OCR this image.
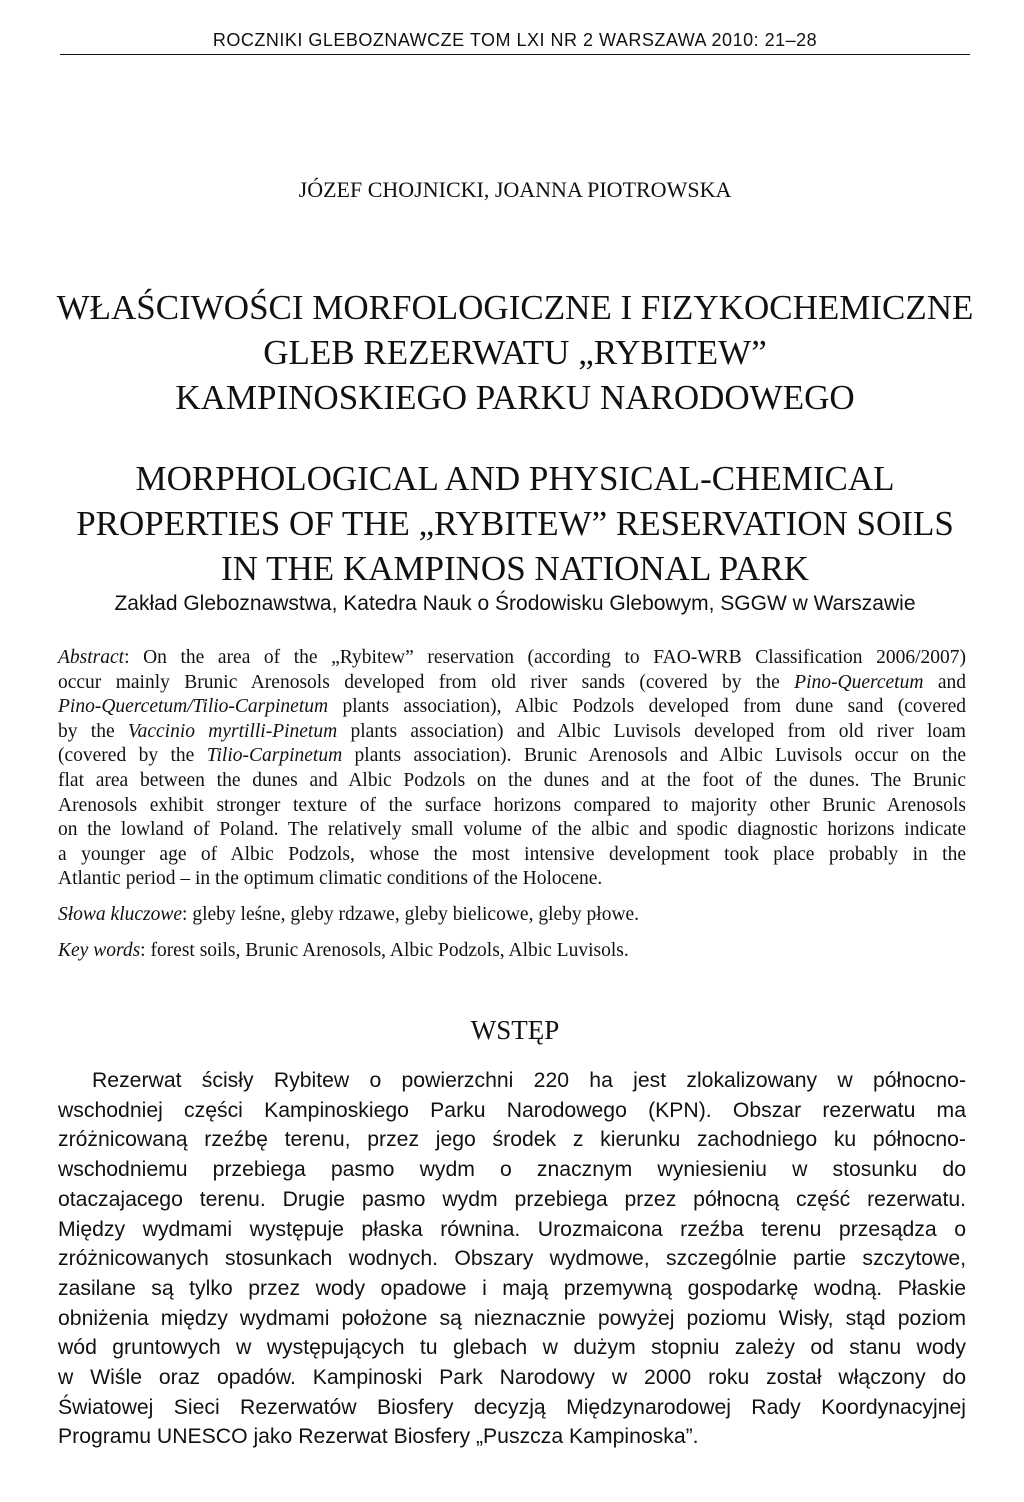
ROCZNIKI GLEBOZNAWCZE TOM LXI NR 2 WARSZAWA 2010: 21–28
JÓZEF CHOJNICKI, JOANNA PIOTROWSKA
WŁAŚCIWOŚCI MORFOLOGICZNE I FIZYKOCHEMICZNE
GLEB REZERWATU „RYBITEW”
KAMPINOSKIEGO PARKU NARODOWEGO
MORPHOLOGICAL AND PHYSICAL-CHEMICAL
PROPERTIES OF THE „RYBITEW” RESERVATION SOILS
IN THE KAMPINOS NATIONAL PARK
Zakład Gleboznawstwa, Katedra Nauk o Środowisku Glebowym, SGGW w Warszawie
Abstract: On the area of the „Rybitew” reservation (according to FAO-WRB Classification 2006/2007)
occur mainly Brunic Arenosols developed from old river sands (covered by the Pino-Quercetum and
Pino-Quercetum/Tilio-Carpinetum plants association), Albic Podzols developed from dune sand (covered
by the Vaccinio myrtilli-Pinetum plants association) and Albic Luvisols developed from old river loam
(covered by the Tilio-Carpinetum plants association). Brunic Arenosols and Albic Luvisols occur on the
flat area between the dunes and Albic Podzols on the dunes and at the foot of the dunes. The Brunic
Arenosols exhibit stronger texture of the surface horizons compared to majority other Brunic Arenosols
on the lowland of Poland. The relatively small volume of the albic and spodic diagnostic horizons indicate
a younger age of Albic Podzols, whose the most intensive development took place probably in the
Atlantic period – in the optimum climatic conditions of the Holocene.
Słowa kluczowe: gleby leśne, gleby rdzawe, gleby bielicowe, gleby płowe.
Key words: forest soils, Brunic Arenosols, Albic Podzols, Albic Luvisols.
WSTĘP
Rezerwat ścisły Rybitew o powierzchni 220 ha jest zlokalizowany w północno-
wschodniej części Kampinoskiego Parku Narodowego (KPN). Obszar rezerwatu ma
zróżnicowaną rzeźbę terenu, przez jego środek z kierunku zachodniego ku północno-
wschodniemu przebiega pasmo wydm o znacznym wyniesieniu w stosunku do
otaczajacego terenu. Drugie pasmo wydm przebiega przez północną część rezerwatu.
Między wydmami występuje płaska równina. Urozmaicona rzeźba terenu przesądza o
zróżnicowanych stosunkach wodnych. Obszary wydmowe, szczególnie partie szczytowe,
zasilane są tylko przez wody opadowe i mają przemywną gospodarkę wodną. Płaskie
obniżenia między wydmami położone są nieznacznie powyżej poziomu Wisły, stąd poziom
wód gruntowych w występujących tu glebach w dużym stopniu zależy od stanu wody
w Wiśle oraz opadów. Kampinoski Park Narodowy w 2000 roku został włączony do
Światowej Sieci Rezerwatów Biosfery decyzją Międzynarodowej Rady Koordynacyjnej
Programu UNESCO jako Rezerwat Biosfery „Puszcza Kampinoska”.
